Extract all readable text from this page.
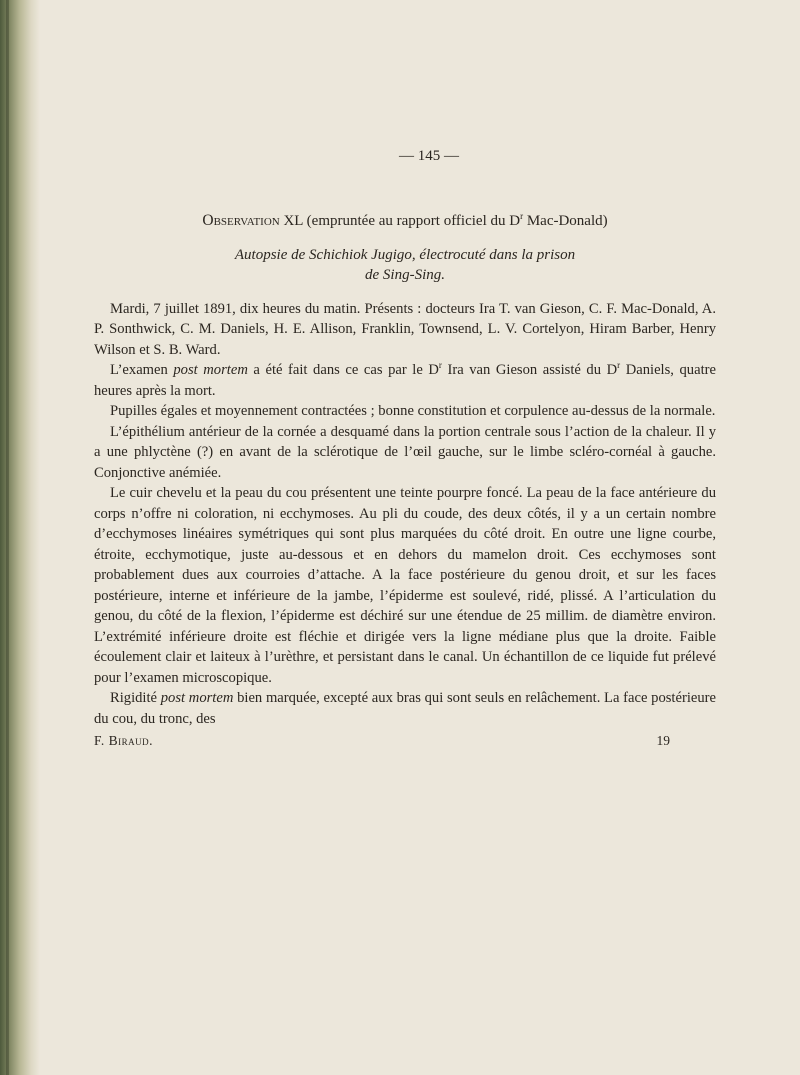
— 145 —
Observation XL (empruntée au rapport officiel du $D^r$ Mac-Donald)
Autopsie de Schichiok Jugigo, électrocuté dans la prison
de Sing-Sing.

Mardi, 7 juillet 1891, dix heures du matin. Présents : docteurs Ira T. van Gieson, C. F. Mac-Donald, A. P. Sonthwick, C. M. Daniels, H. E. Allison, Franklin, Townsend, L. V. Cortelyon, Hiram Barber, Henry Wilson et S. B. Ward.

L’examen post mortem a été fait dans ce cas par le $D^r$ Ira van Gieson assisté du $D^r$ Daniels, quatre heures après la mort.

Pupilles égales et moyennement contractées ; bonne constitution et corpulence au-dessus de la normale.

L’épithélium antérieur de la cornée a desquamé dans la portion centrale sous l’action de la chaleur. Il y a une phlyctène (?) en avant de la sclérotique de l’œil gauche, sur le limbe scléro-cornéal à gauche. Conjonctive anémiée.

Le cuir chevelu et la peau du cou présentent une teinte pourpre foncé. La peau de la face antérieure du corps n’offre ni coloration, ni ecchymoses. Au pli du coude, des deux côtés, il y a un certain nombre d’ecchymoses linéaires symétriques qui sont plus marquées du côté droit. En outre une ligne courbe, étroite, ecchymotique, juste au-dessous et en dehors du mamelon droit. Ces ecchymoses sont probablement dues aux courroies d’attache. A la face postérieure du genou droit, et sur les faces postérieure, interne et inférieure de la jambe, l’épiderme est soulevé, ridé, plissé. A l’articulation du genou, du côté de la flexion, l’épiderme est déchiré sur une étendue de 25 millim. de diamètre environ. L’extrémité inférieure droite est fléchie et dirigée vers la ligne médiane plus que la droite. Faible écoulement clair et laiteux à l’urèthre, et persistant dans le canal. Un échantillon de ce liquide fut prélevé pour l’examen microscopique.

Rigidité post mortem bien marquée, excepté aux bras qui sont seuls en relâchement. La face postérieure du cou, du tronc, des

F. Biraud.	19
